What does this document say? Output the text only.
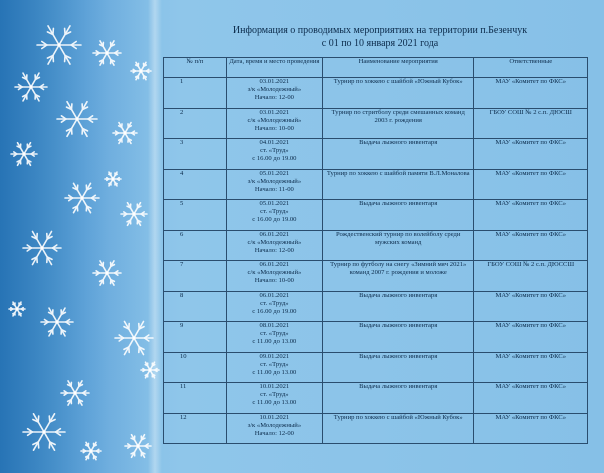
Информация о проводимых мероприятиях на территории п.Безенчук
с 01 по 10 января 2021 года
№ п/п	Дата, время и место проведения	Наименование мероприятия	Ответственные
1	03.01.2021
з/к «Молодежный»
Начало: 12-00	Турнир по хоккею с шайбой «Южный Кубок»	МАУ «Комитет по ФКС»
2	03.01.2021
с/к «Молодежный»
Начало: 10-00	Турнир по стритболу среди смешанных команд 2003 г. рождения	ГБОУ СОШ № 2 с.п. ДЮСШ
3	04.01.2021
ст. «Труд»
с 16.00 до 19.00	Выдача лыжного инвентаря	МАУ «Комитет по ФКС»
4	05.01.2021
з/к «Молодежный»
Начало: 11-00	Турнир по хоккею с шайбой памяти В.Л.Моналова	МАУ «Комитет по ФКС»
5	05.01.2021
ст. «Труд»
с 16.00 до 19.00	Выдача лыжного инвентаря	МАУ «Комитет по ФКС»
6	06.01.2021
с/к «Молодежный»
Начало: 12-00	Рождественский турнир по волейболу среди мужских команд	МАУ «Комитет по ФКС»
7	06.01.2021
с/к «Молодежный»
Начало: 10-00	Турнир по футболу на снегу «Зимний мяч 2021» команд 2007 г. рождения и моложе	ГБОУ СОШ № 2 с.п. ДЮССШ
8	06.01.2021
ст. «Труд»
с 16.00 до 19.00	Выдача лыжного инвентаря	МАУ «Комитет по ФКС»
9	08.01.2021
ст. «Труд»
с 11.00 до 13.00	Выдача лыжного инвентаря	МАУ «Комитет по ФКС»
10	09.01.2021
ст. «Труд»
с 11.00 до 13.00	Выдача лыжного инвентаря	МАУ «Комитет по ФКС»
11	10.01.2021
ст. «Труд»
с 11.00 до 13.00	Выдача лыжного инвентаря	МАУ «Комитет по ФКС»
12	10.01.2021
з/к «Молодежный»
Начало: 12-00	Турнир по хоккею с шайбой «Южный Кубок»	МАУ «Комитет по ФКС»
